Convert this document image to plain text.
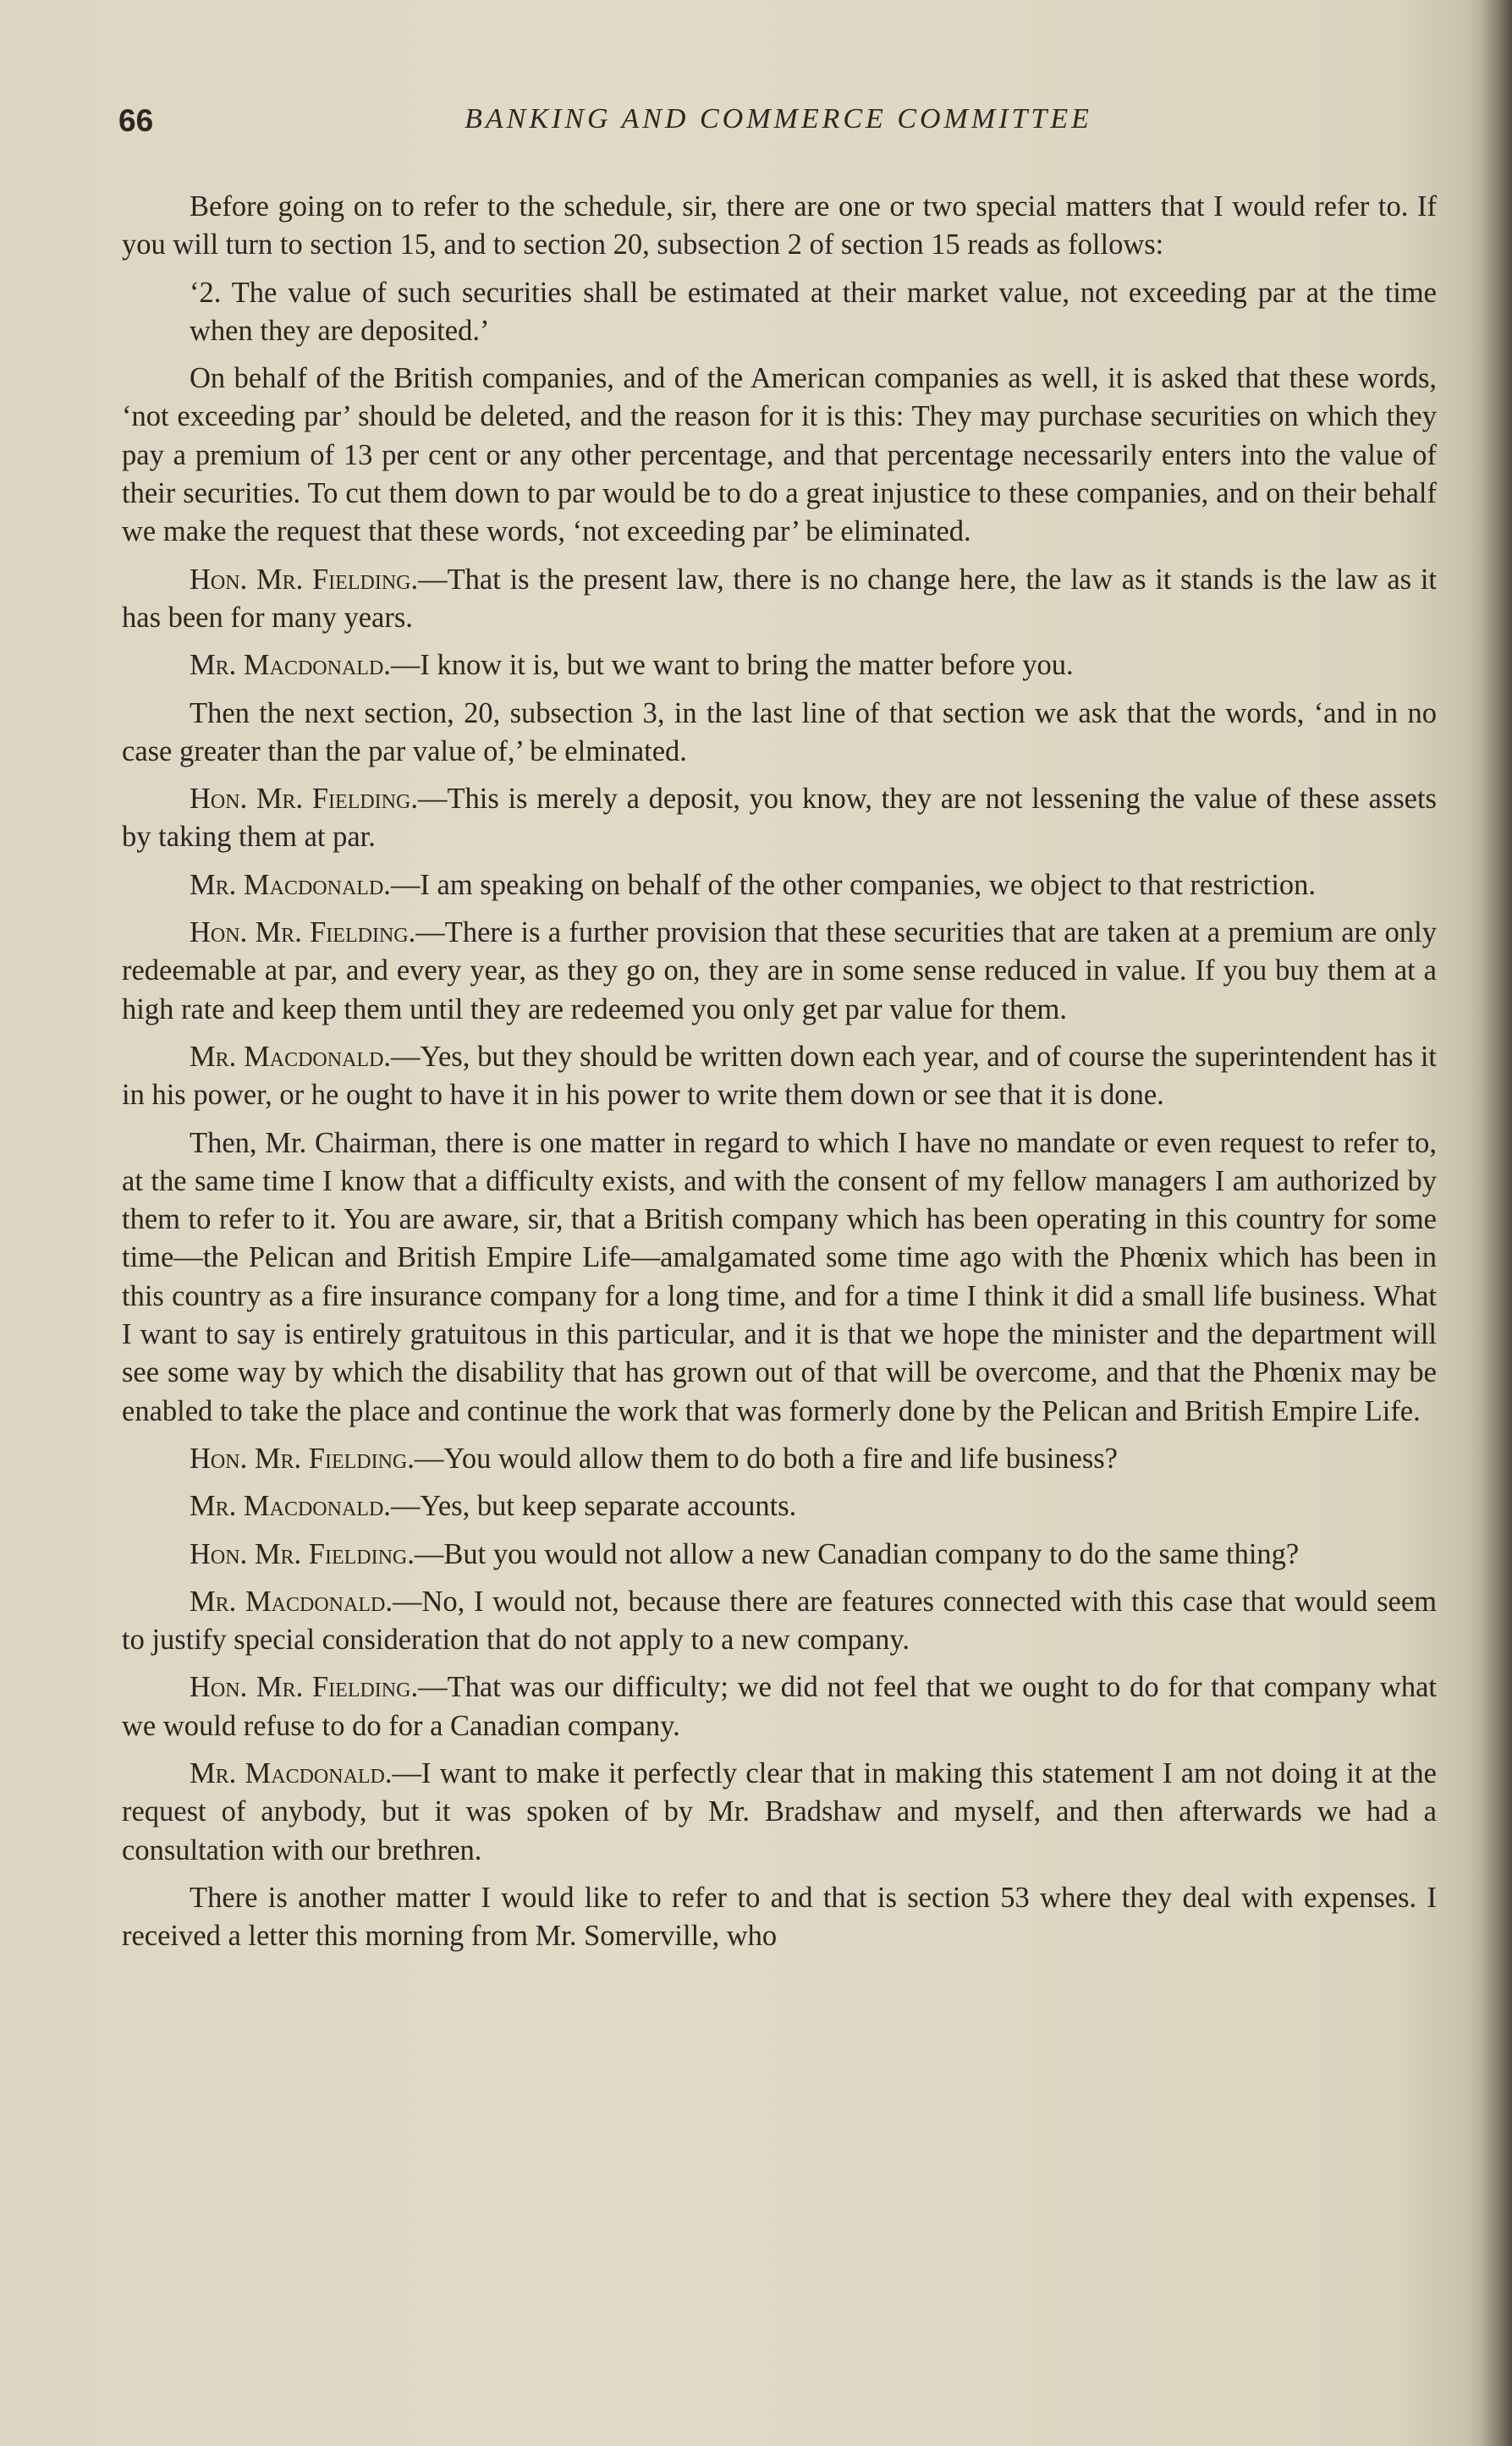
66	BANKING AND COMMERCE COMMITTEE

Before going on to refer to the schedule, sir, there are one or two special matters that I would refer to. If you will turn to section 15, and to section 20, subsection 2 of section 15 reads as follows:

‘2. The value of such securities shall be estimated at their market value, not exceeding par at the time when they are deposited.’

On behalf of the British companies, and of the American companies as well, it is asked that these words, ‘not exceeding par’ should be deleted, and the reason for it is this: They may purchase securities on which they pay a premium of 13 per cent or any other percentage, and that percentage necessarily enters into the value of their securities. To cut them down to par would be to do a great injustice to these companies, and on their behalf we make the request that these words, ‘not exceeding par’ be eliminated.

Hon. Mr. Fielding.—That is the present law, there is no change here, the law as it stands is the law as it has been for many years.

Mr. Macdonald.—I know it is, but we want to bring the matter before you.

Then the next section, 20, subsection 3, in the last line of that section we ask that the words, ‘and in no case greater than the par value of,’ be elminated.

Hon. Mr. Fielding.—This is merely a deposit, you know, they are not lessening the value of these assets by taking them at par.

Mr. Macdonald.—I am speaking on behalf of the other companies, we object to that restriction.

Hon. Mr. Fielding.—There is a further provision that these securities that are taken at a premium are only redeemable at par, and every year, as they go on, they are in some sense reduced in value. If you buy them at a high rate and keep them until they are redeemed you only get par value for them.

Mr. Macdonald.—Yes, but they should be written down each year, and of course the superintendent has it in his power, or he ought to have it in his power to write them down or see that it is done.

Then, Mr. Chairman, there is one matter in regard to which I have no mandate or even request to refer to, at the same time I know that a difficulty exists, and with the consent of my fellow managers I am authorized by them to refer to it. You are aware, sir, that a British company which has been operating in this country for some time—the Pelican and British Empire Life—amalgamated some time ago with the Phœnix which has been in this country as a fire insurance company for a long time, and for a time I think it did a small life business. What I want to say is entirely gratuitous in this particular, and it is that we hope the minister and the department will see some way by which the disability that has grown out of that will be overcome, and that the Phœnix may be enabled to take the place and continue the work that was formerly done by the Pelican and British Empire Life.

Hon. Mr. Fielding.—You would allow them to do both a fire and life business?

Mr. Macdonald.—Yes, but keep separate accounts.

Hon. Mr. Fielding.—But you would not allow a new Canadian company to do the same thing?

Mr. Macdonald.—No, I would not, because there are features connected with this case that would seem to justify special consideration that do not apply to a new company.

Hon. Mr. Fielding.—That was our difficulty; we did not feel that we ought to do for that company what we would refuse to do for a Canadian company.

Mr. Macdonald.—I want to make it perfectly clear that in making this statement I am not doing it at the request of anybody, but it was spoken of by Mr. Bradshaw and myself, and then afterwards we had a consultation with our brethren.

There is another matter I would like to refer to and that is section 53 where they deal with expenses. I received a letter this morning from Mr. Somerville, who
